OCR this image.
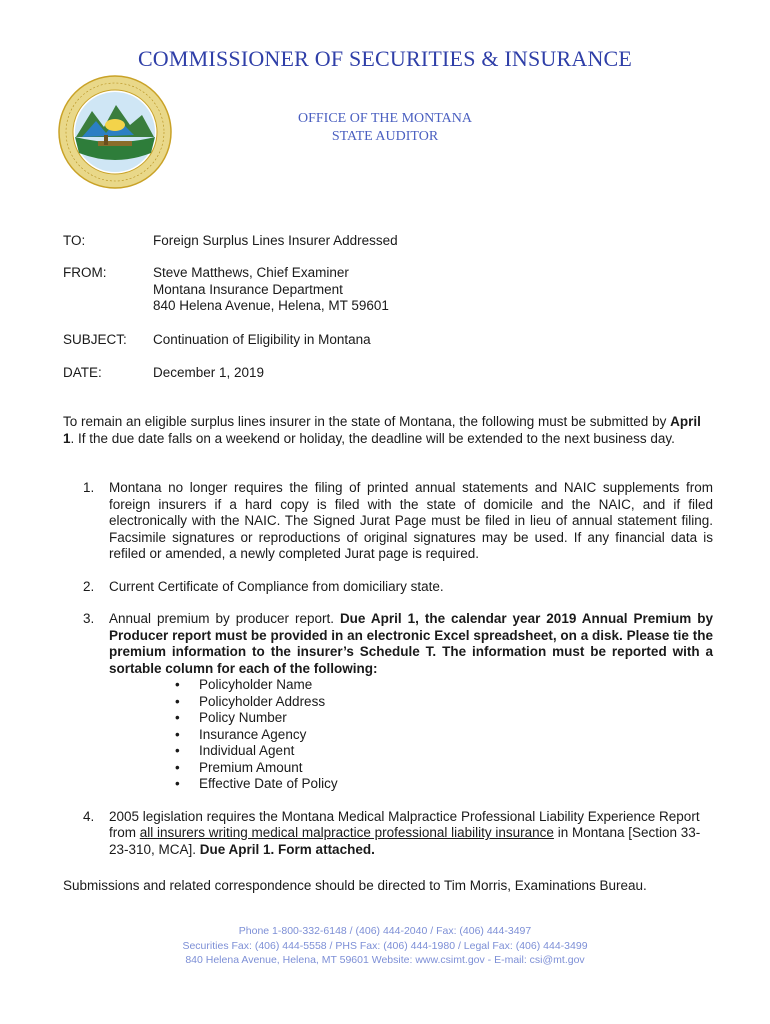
COMMISSIONER OF SECURITIES & INSURANCE
OFFICE OF THE MONTANA
STATE AUDITOR
TO:	Foreign Surplus Lines Insurer Addressed
FROM:	Steve Matthews, Chief Examiner
Montana Insurance Department
840 Helena Avenue, Helena, MT 59601
SUBJECT: Continuation of Eligibility in Montana
DATE:	December 1, 2019
To remain an eligible surplus lines insurer in the state of Montana, the following must be submitted by April 1. If the due date falls on a weekend or holiday, the deadline will be extended to the next business day.
1.	Montana no longer requires the filing of printed annual statements and NAIC supplements from foreign insurers if a hard copy is filed with the state of domicile and the NAIC, and if filed electronically with the NAIC. The Signed Jurat Page must be filed in lieu of annual statement filing. Facsimile signatures or reproductions of original signatures may be used. If any financial data is refiled or amended, a newly completed Jurat page is required.
2.	Current Certificate of Compliance from domiciliary state.
3.	Annual premium by producer report. Due April 1, the calendar year 2019 Annual Premium by Producer report must be provided in an electronic Excel spreadsheet, on a disk. Please tie the premium information to the insurer’s Schedule T. The information must be reported with a sortable column for each of the following:
• Policyholder Name
• Policyholder Address
• Policy Number
• Insurance Agency
• Individual Agent
• Premium Amount
• Effective Date of Policy
4.	2005 legislation requires the Montana Medical Malpractice Professional Liability Experience Report from all insurers writing medical malpractice professional liability insurance in Montana [Section 33-23-310, MCA]. Due April 1. Form attached.
Submissions and related correspondence should be directed to Tim Morris, Examinations Bureau.
Phone 1-800-332-6148 / (406) 444-2040 / Fax: (406) 444-3497
Securities Fax: (406) 444-5558 / PHS Fax: (406) 444-1980 / Legal Fax: (406) 444-3499
840 Helena Avenue, Helena, MT 59601 Website: www.csimt.gov - E-mail: csi@mt.gov
